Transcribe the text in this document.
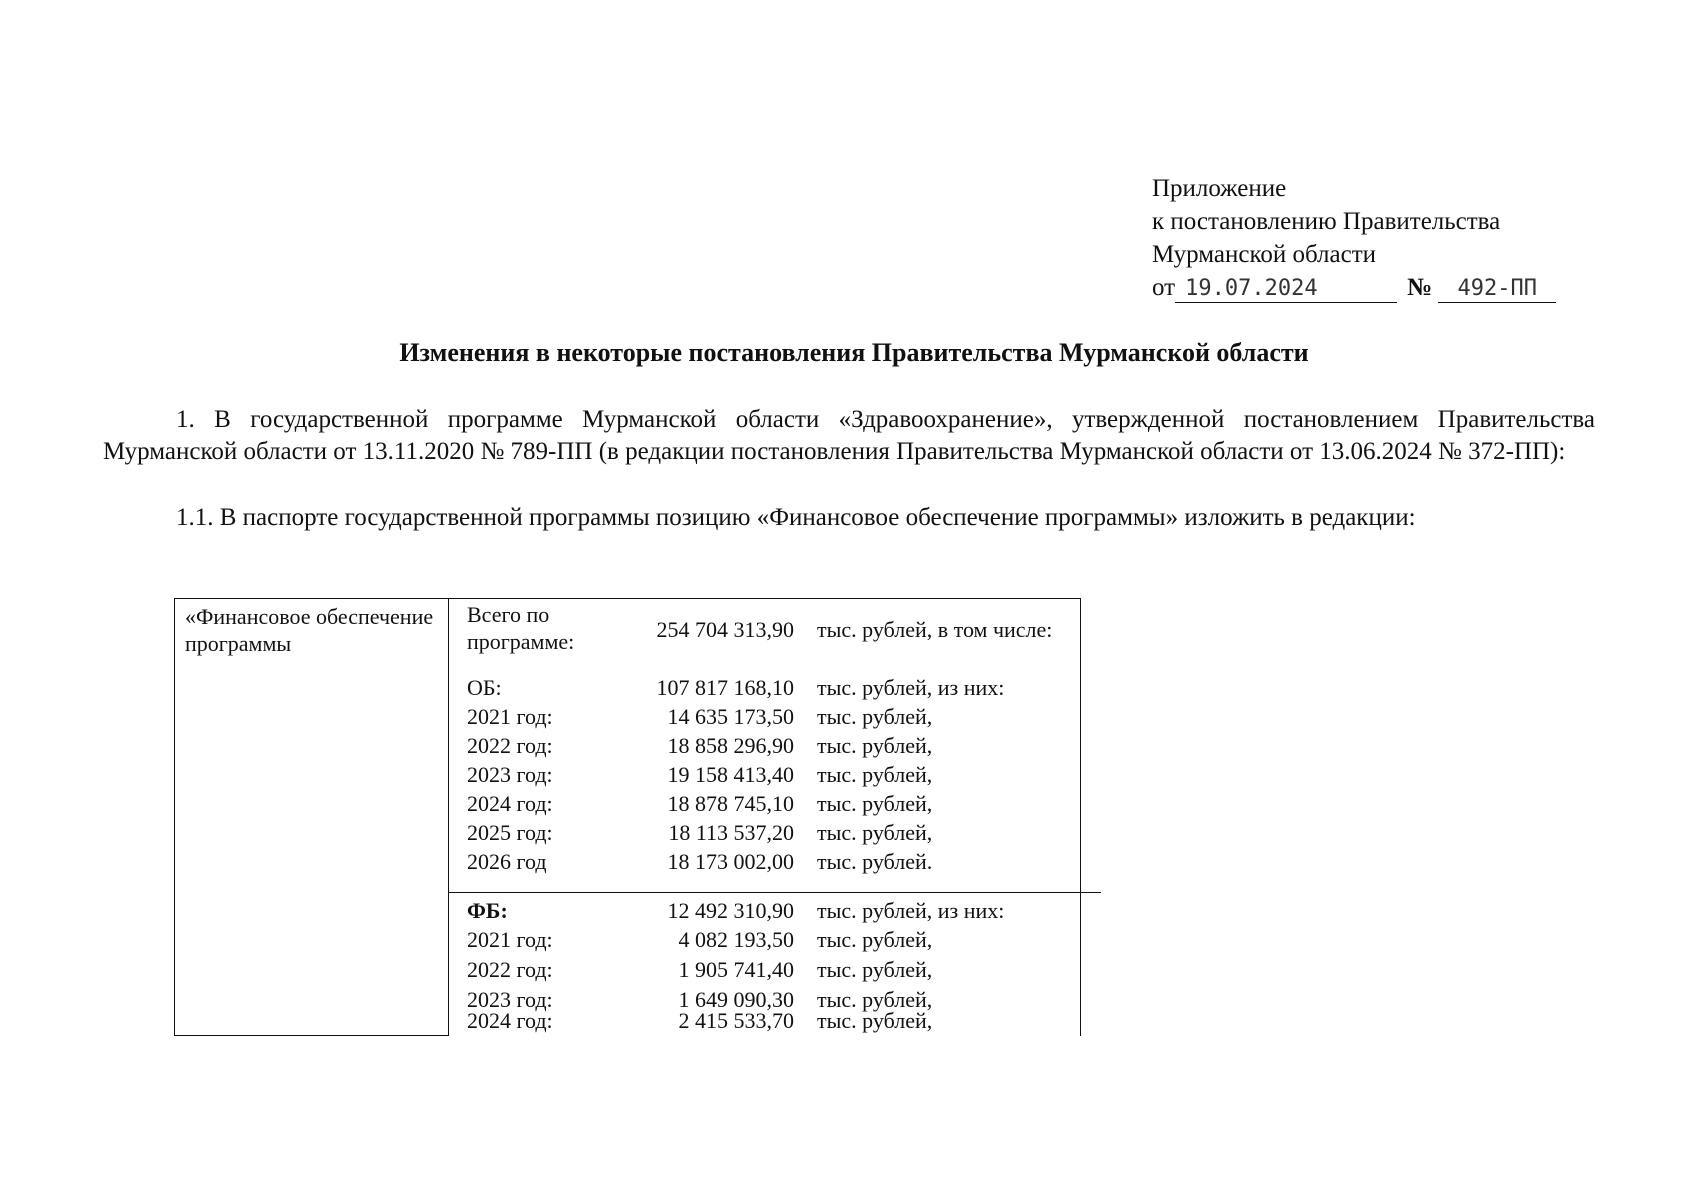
Приложение
к постановлению Правительства
Мурманской области
от 19.07.2024	№	492-ПП
Изменения в некоторые постановления Правительства Мурманской области
1. В государственной программе Мурманской области «Здравоохранение», утвержденной постановлением Правительства Мурманской области от 13.11.2020 № 789-ПП (в редакции постановления Правительства Мурманской области от 13.06.2024 № 372-ПП):
1.1. В паспорте государственной программы позицию «Финансовое обеспечение программы» изложить в редакции:
«Финансовое обеспечение программы	
Всего по программе:	254 704 313,90 тыс. рублей, в том числе:
ОБ:	107 817 168,10 тыс. рублей, из них:
2021 год:	14 635 173,50 тыс. рублей,
2022 год:	18 858 296,90 тыс. рублей,
2023 год:	19 158 413,40 тыс. рублей,
2024 год:	18 878 745,10 тыс. рублей,
2025 год:	18 113 537,20 тыс. рублей,
2026 год	18 173 002,00 тыс. рублей.
ФБ:	12 492 310,90 тыс. рублей, из них:
2021 год:	4 082 193,50 тыс. рублей,
2022 год:	1 905 741,40 тыс. рублей,
2023 год:	1 649 090,30 тыс. рублей,
2024 год:	2 415 533,70 тыс. рублей,
